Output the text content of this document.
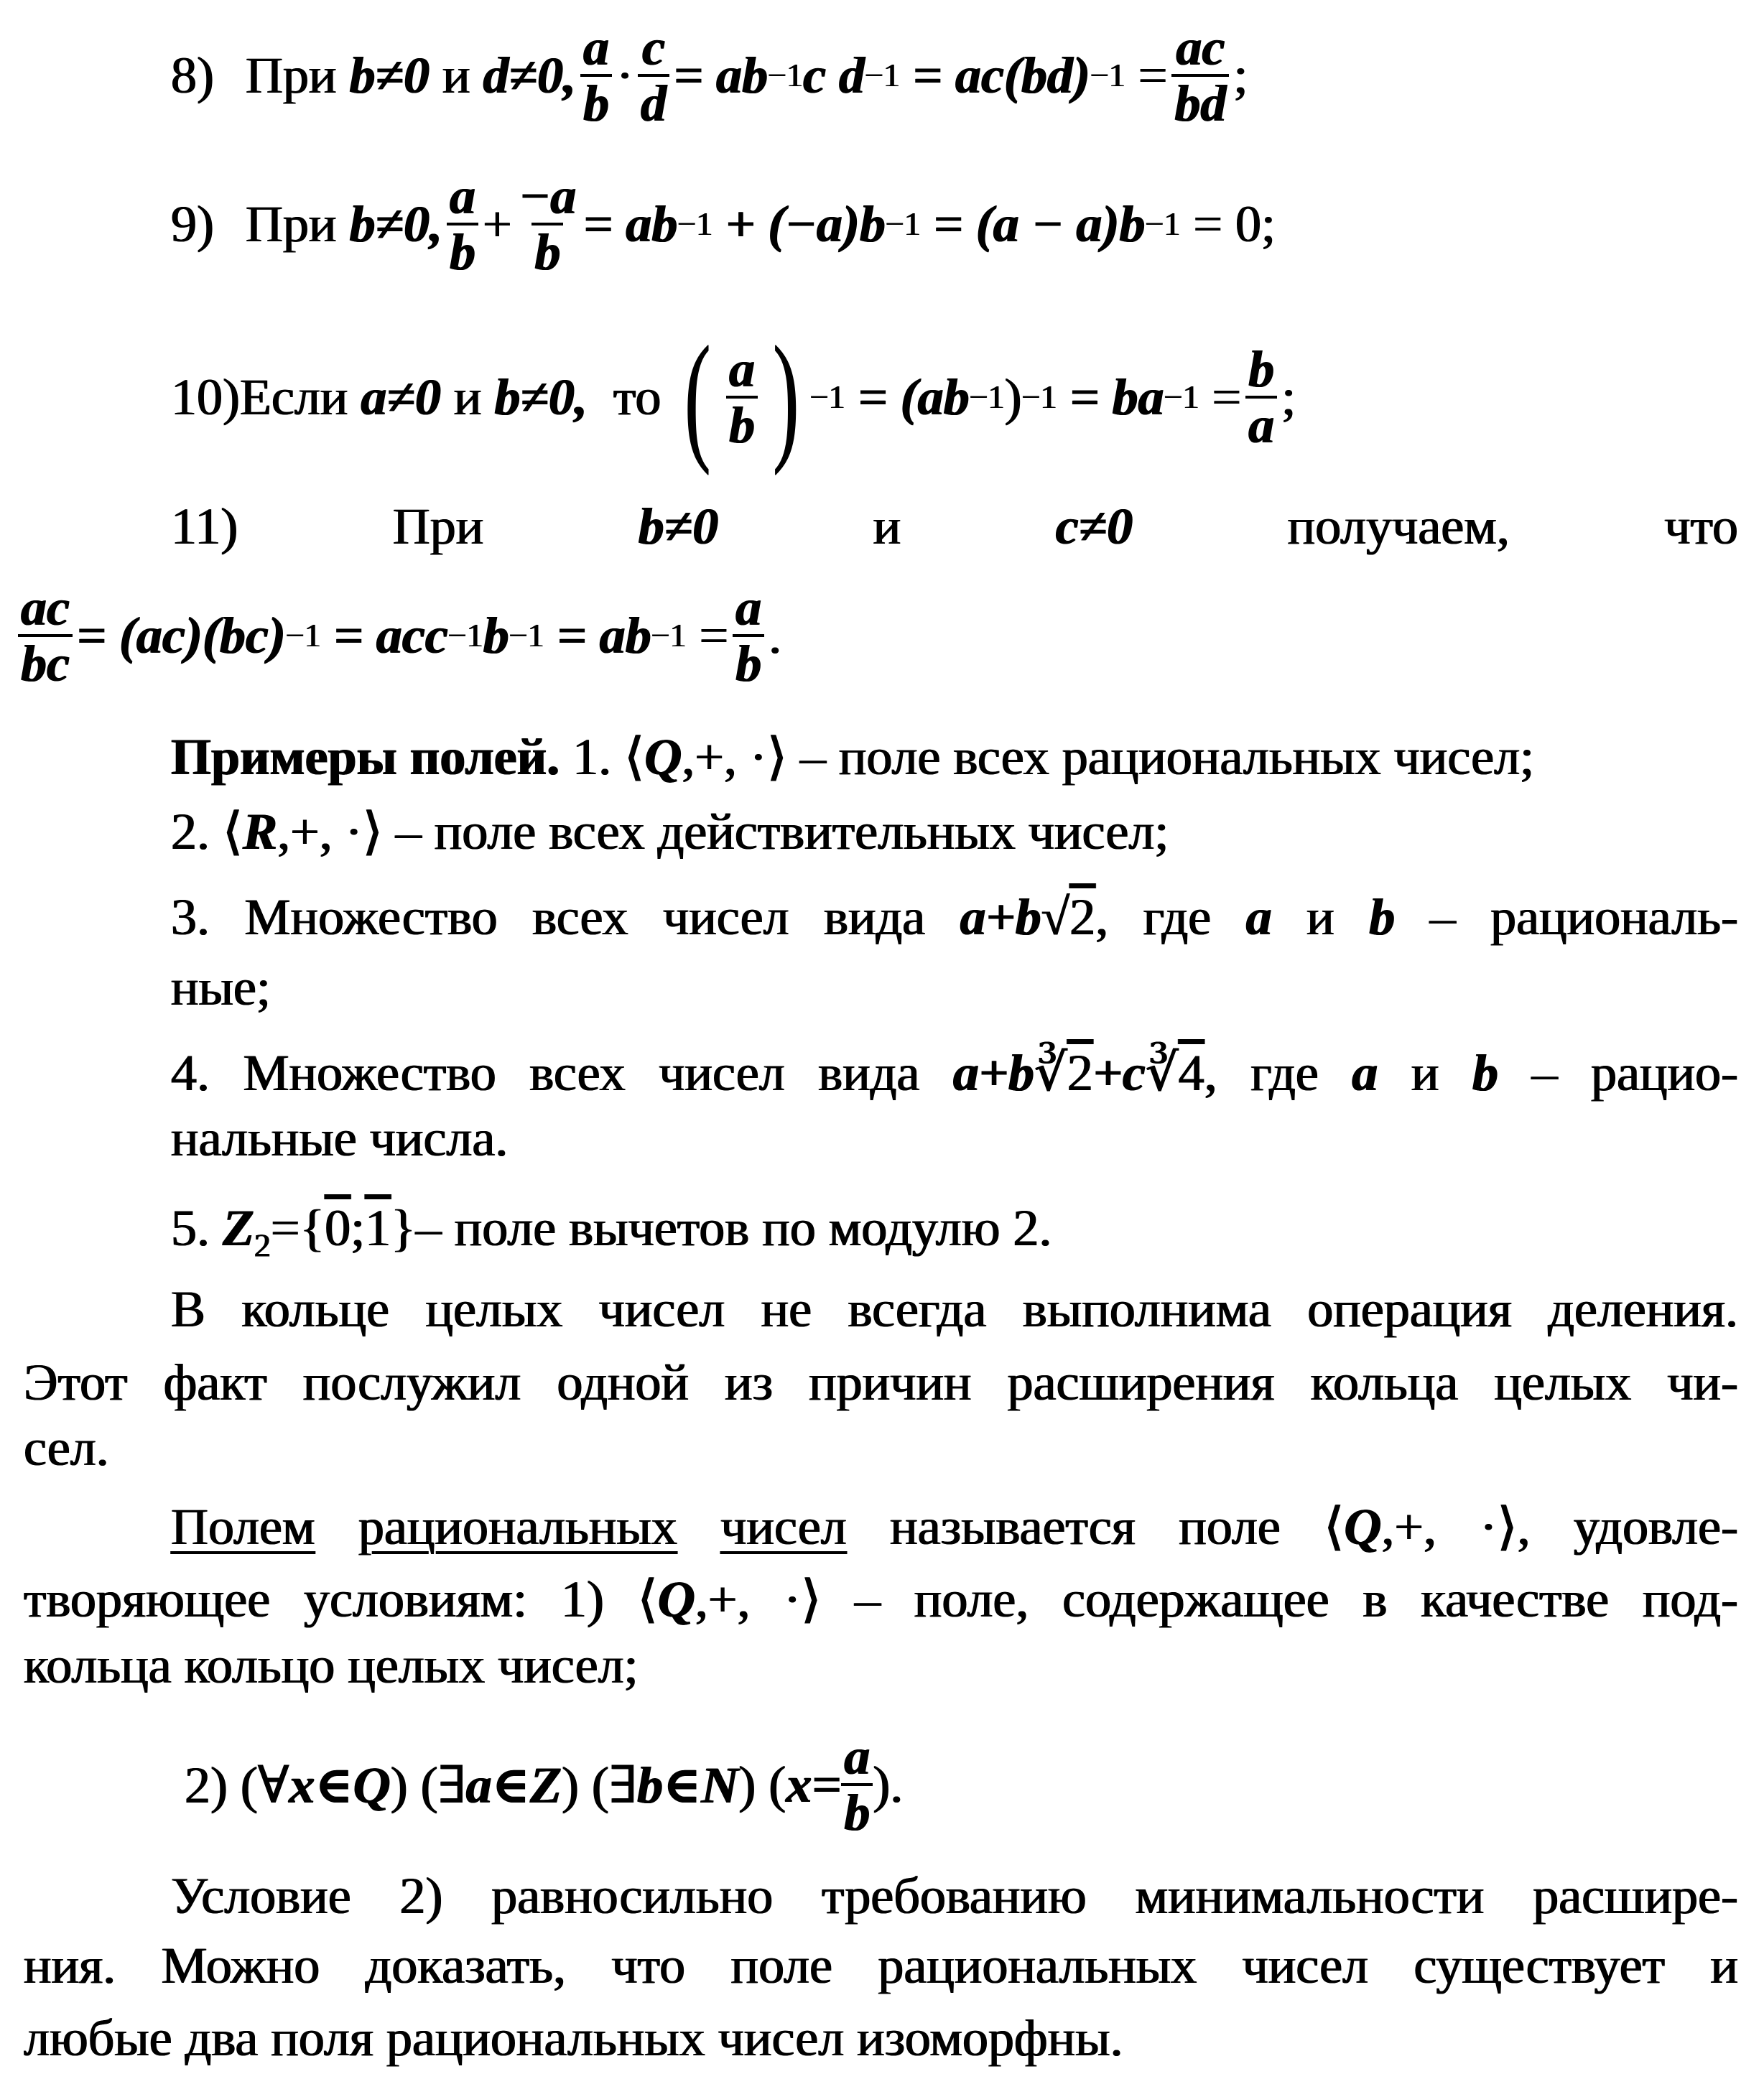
8) При
b≠0
и
d≠0, $\frac{a}{b} \cdot \frac{c}{d}$ = ab −1 c d −1
= ac(bd) −1
= $\frac{ac}{bd}$ ;
9) При
b≠0, $\frac{a}{b} + \frac{-a}{b}$ = ab −1
+ (−a)b −1
= (a − a)b −1
= 0;
10) Если
a≠0
и
b≠0,
то
( $\frac{a}{b}$ ) −1
= (ab −1 ) −1
= ba −1
= $\frac{b}{a}$ ;
11) При	b≠0	и	c≠0	получаем,	что
$\frac{ac}{bc} = (ac)(bc) -1$
= acc −1 b −1
= ab −1
= $\frac{a}{b}$ .
Примеры полей. 1. ⟨Q,+, ·⟩ – поле всех рациональных чисел;
2. ⟨R,+, ·⟩ – поле всех действительных чисел;
3. Множество всех чисел вида a+b√2, где a и b – рациональ-
ные;
4. Множество всех чисел вида a+b∛2+c∛4, где a и b – рацио-
нальные числа.
5. $Z_2=\{0;1\}-$ поле вычетов по модулю 2.
В кольце целых чисел не всегда выполнима операция деления.
Этот факт послужил одной из причин расширения кольца целых чи-
сел.
Полем рациональных чисел называется поле ⟨Q,+, ·⟩, удовле-
творяющее условиям: 1) ⟨Q,+, ·⟩ – поле, содержащее в качестве под-
кольца кольцо целых чисел;
2) (∀ x∈Q ) (∃ a∈Z ) (∃ b∈N ) ( $x= \frac{a}{b}$ ).
Условие 2) равносильно требованию минимальности расшире-
ния. Можно доказать, что поле рациональных чисел существует и
любые два поля рациональных чисел изоморфны.
